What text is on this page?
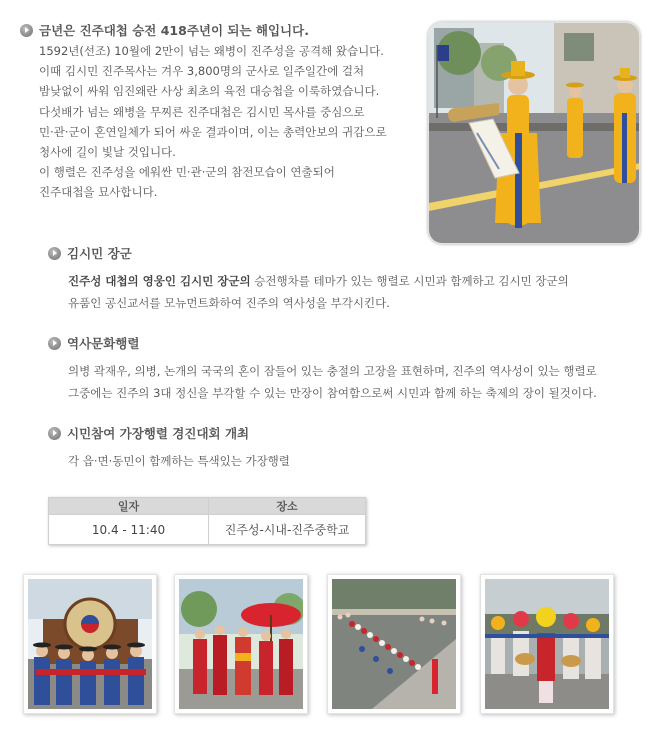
금년은 진주대첩 승전 418주년이 되는 해입니다.
1592년(선조) 10월에 2만이 넘는 왜병이 진주성을 공격해 왔습니다.
이때 김시민 진주목사는 겨우 3,800명의 군사로 일주일간에 걸쳐
밤낮없이 싸워 임진왜란 사상 최초의 육전 대승첩을 이룩하였습니다.
다섯배가 넘는 왜병을 무찌른 진주대첩은 김시민 목사를 중심으로
민·관·군이 혼연일체가 되어 싸운 결과이며, 이는 총력안보의 귀감으로
청사에 길이 빛날 것입니다.
이 행렬은 진주성을 에워싼 민·관·군의 참전모습이 연출되어
진주대첩을 묘사합니다.
김시민 장군
진주성 대첩의 영웅인 김시민 장군의 승전행차를 테마가 있는 행렬로 시민과 함께하고 김시민 장군의
유품인 공신교서를 모뉴먼트화하여 진주의 역사성을 부각시킨다.
역사문화행렬
의병 곽재우, 의병, 논개의 국국의 혼이 잠들어 있는 충절의 고장을 표현하며, 진주의 역사성이 있는 행렬로
그중에는 진주의 3대 정신을 부각할 수 있는 만장이 참여함으로써 시민과 함께 하는 축제의 장이 될것이다.
시민참여 가장행렬 경진대회 개최
각 읍·면·동민이 함께하는 특색있는 가장행렬
일자	장소
10.4 - 11:40	진주성-시내-진주중학교
